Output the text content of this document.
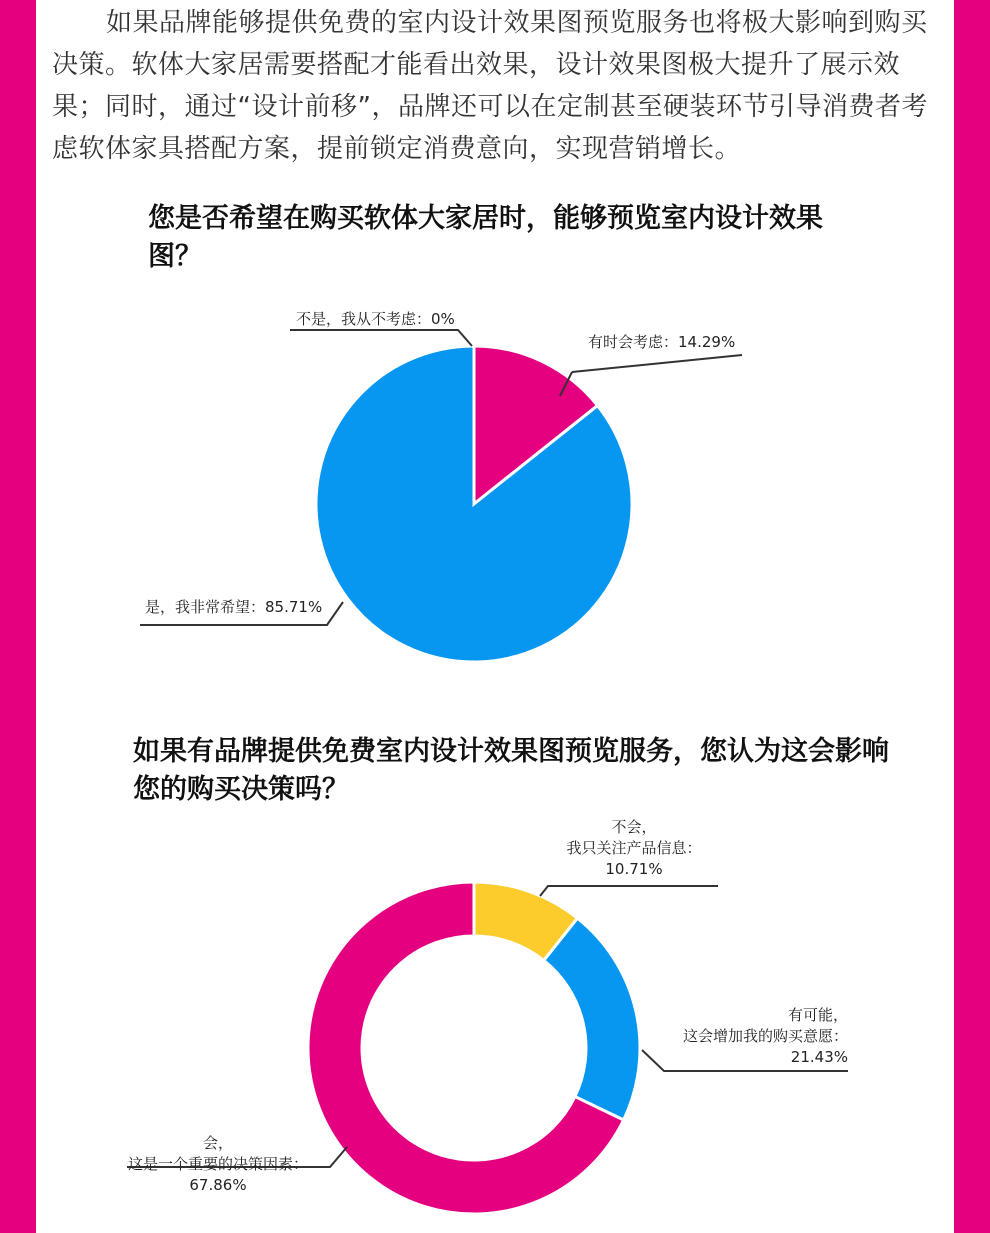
如果品牌能够提供免费的室内设计效果图预览服务也将极大影响到购买决策。软体大家居需要搭配才能看出效果，设计效果图极大提升了展示效果；同时，通过“设计前移”，品牌还可以在定制甚至硬装环节引导消费者考虑软体家具搭配方案，提前锁定消费意向，实现营销增长。

您是否希望在购买软体大家居时，能够预览室内设计效果图？
不是，我从不考虑：0%
有时会考虑：14.29%
是，我非常希望：85.71%
如果有品牌提供免费室内设计效果图预览服务，您认为这会影响您的购买决策吗？
不会，
我只关注产品信息：
10.71%
有可能，
这会增加我的购买意愿：
21.43%
会，
这是一个重要的决策因素：
67.86%
